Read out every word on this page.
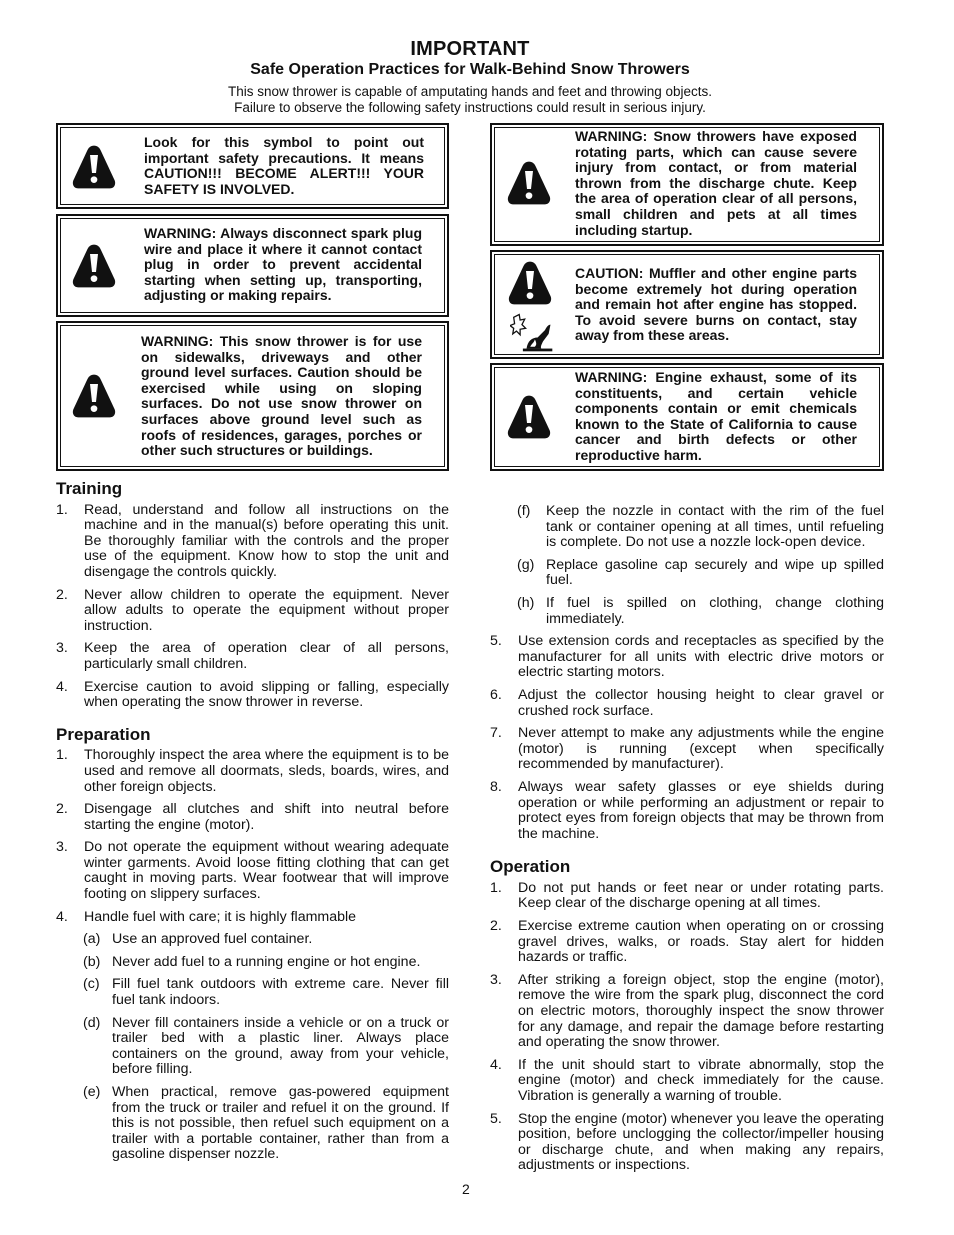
IMPORTANT
Safe Operation Practices for Walk-Behind Snow Throwers
This snow thrower is capable of amputating hands and feet and throwing objects.
Failure to observe the following safety instructions could result in serious injury.
Look for this symbol to point out important safety precautions. It means CAUTION!!! BECOME ALERT!!! YOUR SAFETY IS INVOLVED.
WARNING: Always disconnect spark plug wire and place it where it cannot contact plug in order to prevent accidental starting when setting up, transporting, adjusting or making repairs.
WARNING: This snow thrower is for use on sidewalks, driveways and other ground level surfaces. Caution should be exercised while using on sloping surfaces. Do not use snow thrower on surfaces above ground level such as roofs of residences, garages, porches or other such structures or buildings.
WARNING: Snow throwers have exposed rotating parts, which can cause severe injury from contact, or from material thrown from the discharge chute. Keep the area of operation clear of all persons, small children and pets at all times including startup.
CAUTION: Muffler and other engine parts become extremely hot during operation and remain hot after engine has stopped. To avoid severe burns on contact, stay away from these areas.
WARNING: Engine exhaust, some of its constituents, and certain vehicle components contain or emit chemicals known to the State of California to cause cancer and birth defects or other reproductive harm.
Training
1. Read, understand and follow all instructions on the machine and in the manual(s) before operating this unit. Be thoroughly familiar with the controls and the proper use of the equipment. Know how to stop the unit and disengage the controls quickly.
2. Never allow children to operate the equipment. Never allow adults to operate the equipment without proper instruction.
3. Keep the area of operation clear of all persons, particularly small children.
4. Exercise caution to avoid slipping or falling, especially when operating the snow thrower in reverse.
Preparation
1. Thoroughly inspect the area where the equipment is to be used and remove all doormats, sleds, boards, wires, and other foreign objects.
2. Disengage all clutches and shift into neutral before starting the engine (motor).
3. Do not operate the equipment without wearing adequate winter garments. Avoid loose fitting clothing that can get caught in moving parts. Wear footwear that will improve footing on slippery surfaces.
4. Handle fuel with care; it is highly flammable
(a) Use an approved fuel container.
(b) Never add fuel to a running engine or hot engine.
(c) Fill fuel tank outdoors with extreme care. Never fill fuel tank indoors.
(d) Never fill containers inside a vehicle or on a truck or trailer bed with a plastic liner. Always place containers on the ground, away from your vehicle, before filling.
(e) When practical, remove gas-powered equipment from the truck or trailer and refuel it on the ground. If this is not possible, then refuel such equipment on a trailer with a portable container, rather than from a gasoline dispenser nozzle.
(f) Keep the nozzle in contact with the rim of the fuel tank or container opening at all times, until refueling is complete. Do not use a nozzle lock-open device.
(g) Replace gasoline cap securely and wipe up spilled fuel.
(h) If fuel is spilled on clothing, change clothing immediately.
5. Use extension cords and receptacles as specified by the manufacturer for all units with electric drive motors or electric starting motors.
6. Adjust the collector housing height to clear gravel or crushed rock surface.
7. Never attempt to make any adjustments while the engine (motor) is running (except when specifically recommended by manufacturer).
8. Always wear safety glasses or eye shields during operation or while performing an adjustment or repair to protect eyes from foreign objects that may be thrown from the machine.
Operation
1. Do not put hands or feet near or under rotating parts. Keep clear of the discharge opening at all times.
2. Exercise extreme caution when operating on or crossing gravel drives, walks, or roads. Stay alert for hidden hazards or traffic.
3. After striking a foreign object, stop the engine (motor), remove the wire from the spark plug, disconnect the cord on electric motors, thoroughly inspect the snow thrower for any damage, and repair the damage before restarting and operating the snow thrower.
4. If the unit should start to vibrate abnormally, stop the engine (motor) and check immediately for the cause. Vibration is generally a warning of trouble.
5. Stop the engine (motor) whenever you leave the operating position, before unclogging the collector/impeller housing or discharge chute, and when making any repairs, adjustments or inspections.
2
